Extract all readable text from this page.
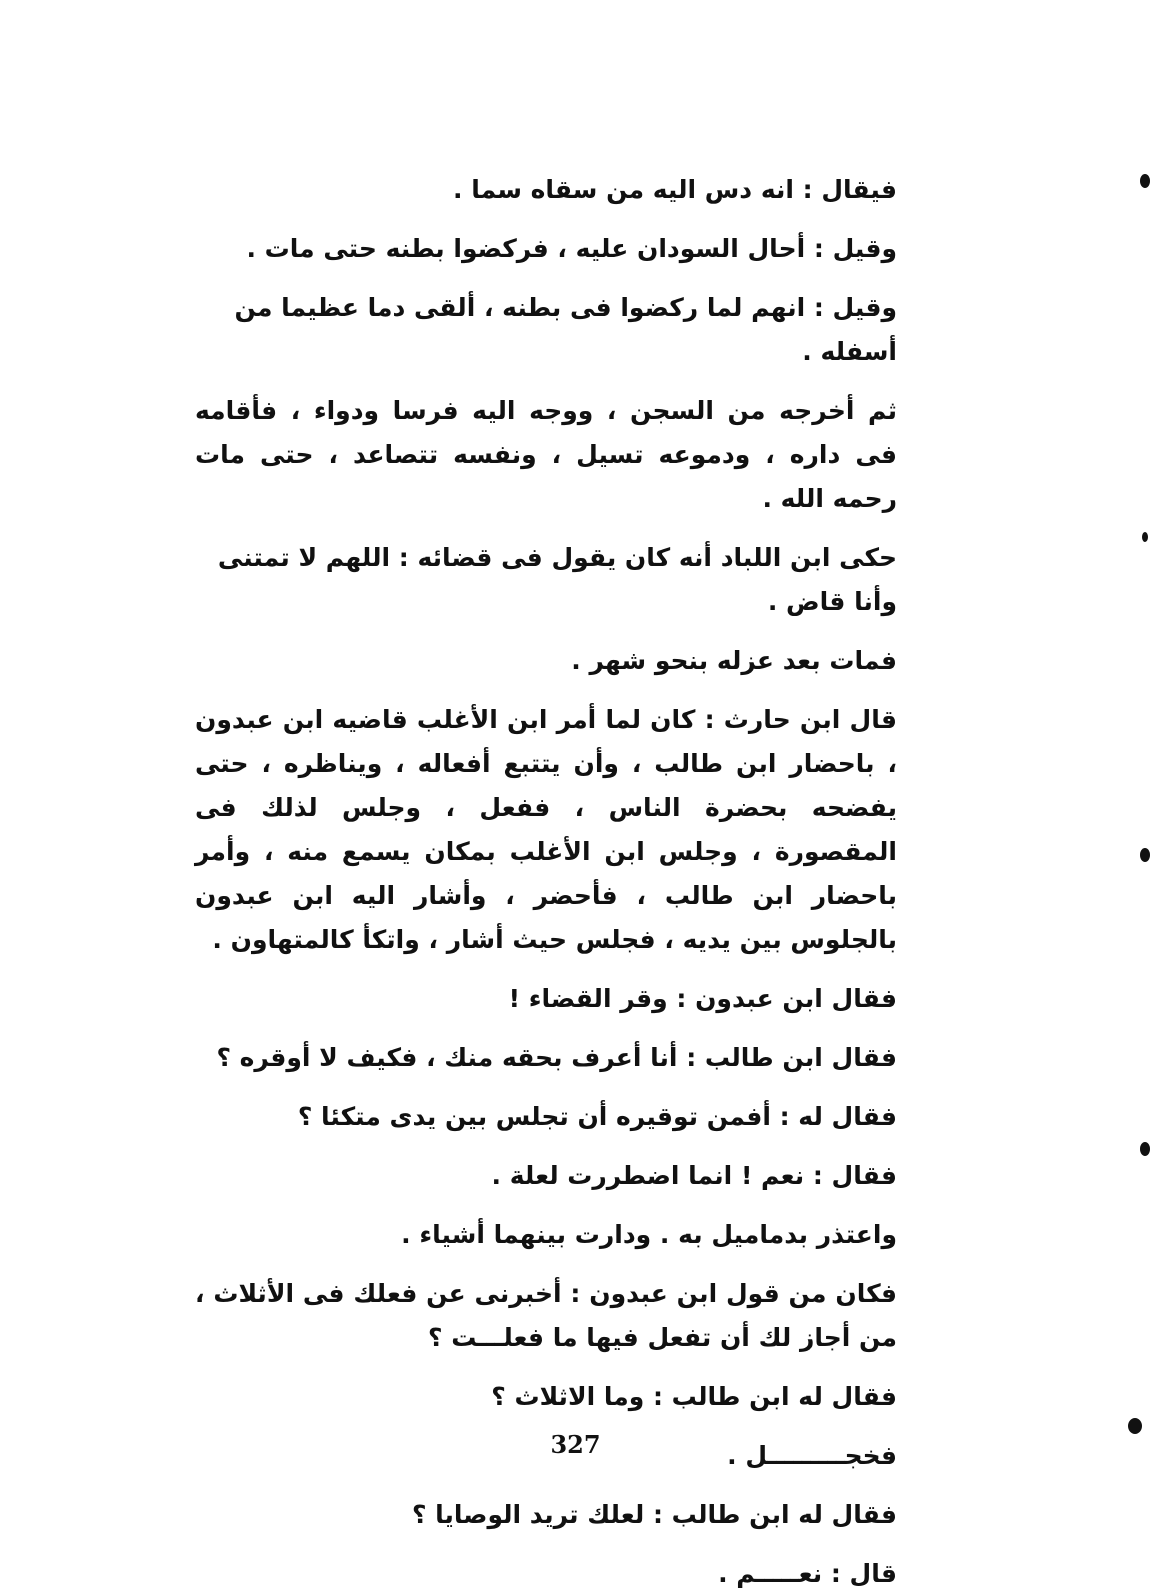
فيقال : انه دس اليه من سقاه سما .

وقيل : أحال السودان عليه ، فركضوا بطنه حتى مات .

وقيل : انهم لما ركضوا فى بطنه ، ألقى دما عظيما من أسفله .

ثم أخرجه من السجن ، ووجه اليه فرسا ودواء ، فأقامه فى داره ، ودموعه تسيل ، ونفسه تتصاعد ، حتى مات رحمه الله .

حكى ابن اللباد أنه كان يقول فى قضائه : اللهم لا تمتنى وأنا قاض .

فمات بعد عزله بنحو شهر .

قال ابن حارث : كان لما أمر ابن الأغلب قاضيه ابن عبدون ، باحضار ابن طالب ، وأن يتتبع أفعاله ، ويناظره ، حتى يفضحه بحضرة الناس ، ففعل ، وجلس لذلك فى المقصورة ، وجلس ابن الأغلب بمكان يسمع منه ، وأمر باحضار ابن طالب ، فأحضر ، وأشار اليه ابن عبدون بالجلوس بين يديه ، فجلس حيث أشار ، واتكأ كالمتهاون .

فقال ابن عبدون : وقر القضاء !

فقال ابن طالب : أنا أعرف بحقه منك ، فكيف لا أوقره ؟

فقال له : أفمن توقيره أن تجلس بين يدى متكئا ؟

فقال : نعم ! انما اضطررت لعلة .

واعتذر بدماميل به . ودارت بينهما أشياء .

فكان من قول ابن عبدون : أخبرنى عن فعلك فى الأثلاث ، من أجاز لك أن تفعل فيها ما فعلـــت ؟

فقال له ابن طالب : وما الاثلاث ؟

فخجـــــــــل .

فقال له ابن طالب : لعلك تريد الوصايا ؟

قال : نعـــــم .

327
